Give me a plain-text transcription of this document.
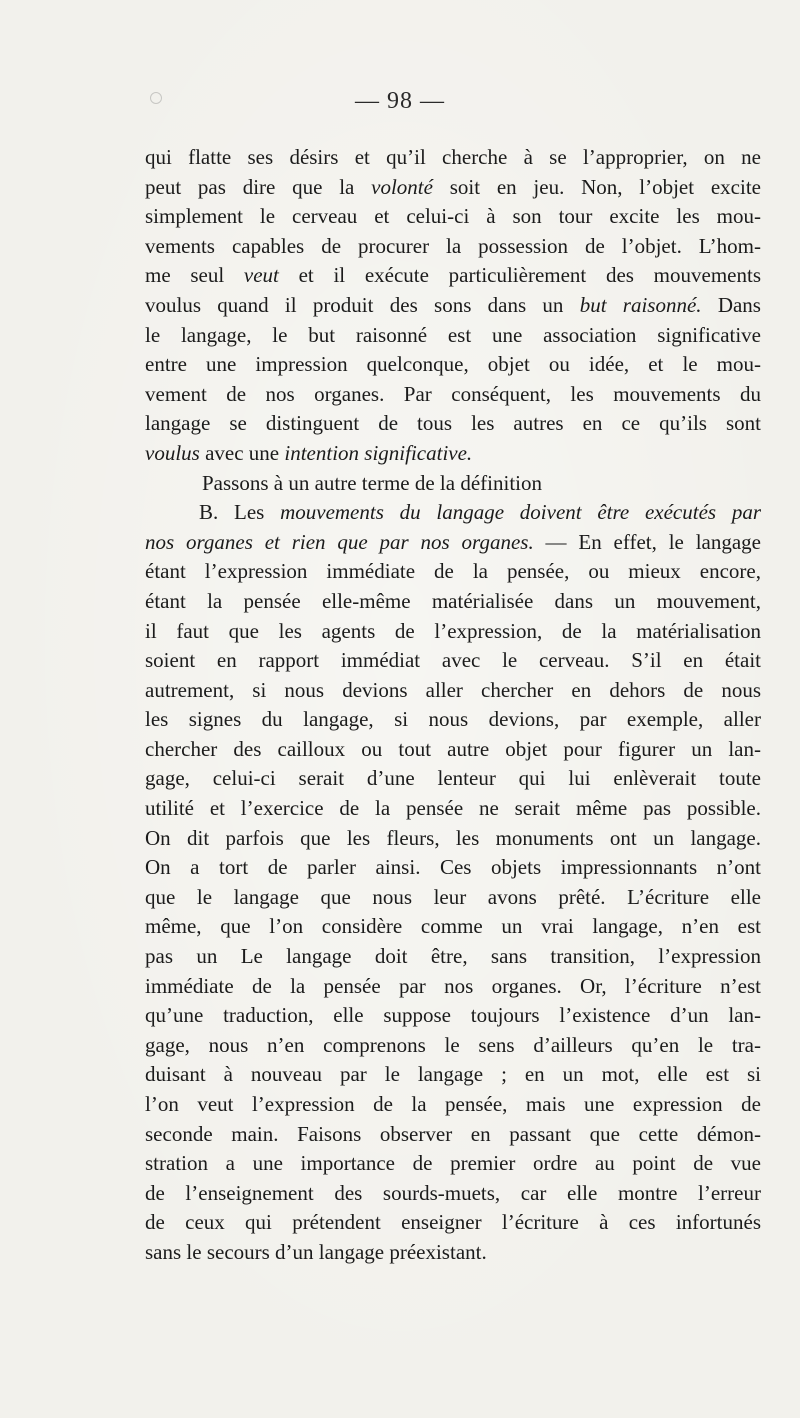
— 98 —
qui flatte ses désirs et qu’il cherche à se l’approprier, on ne
peut pas dire que la volonté soit en jeu. Non, l’objet excite
simplement le cerveau et celui-ci à son tour excite les mou-
vements capables de procurer la possession de l’objet. L’hom-
me seul veut et il exécute particulièrement des mouvements
voulus quand il produit des sons dans un but raisonné. Dans
le langage, le but raisonné est une association significative
entre une impression quelconque, objet ou idée, et le mou-
vement de nos organes. Par conséquent, les mouvements du
langage se distinguent de tous les autres en ce qu’ils sont
voulus avec une intention significative.
Passons à un autre terme de la définition
B. Les mouvements du langage doivent être exécutés par
nos organes et rien que par nos organes. — En effet, le langage
étant l’expression immédiate de la pensée, ou mieux encore,
étant la pensée elle-même matérialisée dans un mouvement,
il faut que les agents de l’expression, de la matérialisation
soient en rapport immédiat avec le cerveau. S’il en était
autrement, si nous devions aller chercher en dehors de nous
les signes du langage, si nous devions, par exemple, aller
chercher des cailloux ou tout autre objet pour figurer un lan-
gage, celui-ci serait d’une lenteur qui lui enlèverait toute
utilité et l’exercice de la pensée ne serait même pas possible.
On dit parfois que les fleurs, les monuments ont un langage.
On a tort de parler ainsi. Ces objets impressionnants n’ont
que le langage que nous leur avons prêté. L’écriture elle
même, que l’on considère comme un vrai langage, n’en est
pas un Le langage doit être, sans transition, l’expression
immédiate de la pensée par nos organes. Or, l’écriture n’est
qu’une traduction, elle suppose toujours l’existence d’un lan-
gage, nous n’en comprenons le sens d’ailleurs qu’en le tra-
duisant à nouveau par le langage ; en un mot, elle est si
l’on veut l’expression de la pensée, mais une expression de
seconde main. Faisons observer en passant que cette démon-
stration a une importance de premier ordre au point de vue
de l’enseignement des sourds-muets, car elle montre l’erreur
de ceux qui prétendent enseigner l’écriture à ces infortunés
sans le secours d’un langage préexistant.
